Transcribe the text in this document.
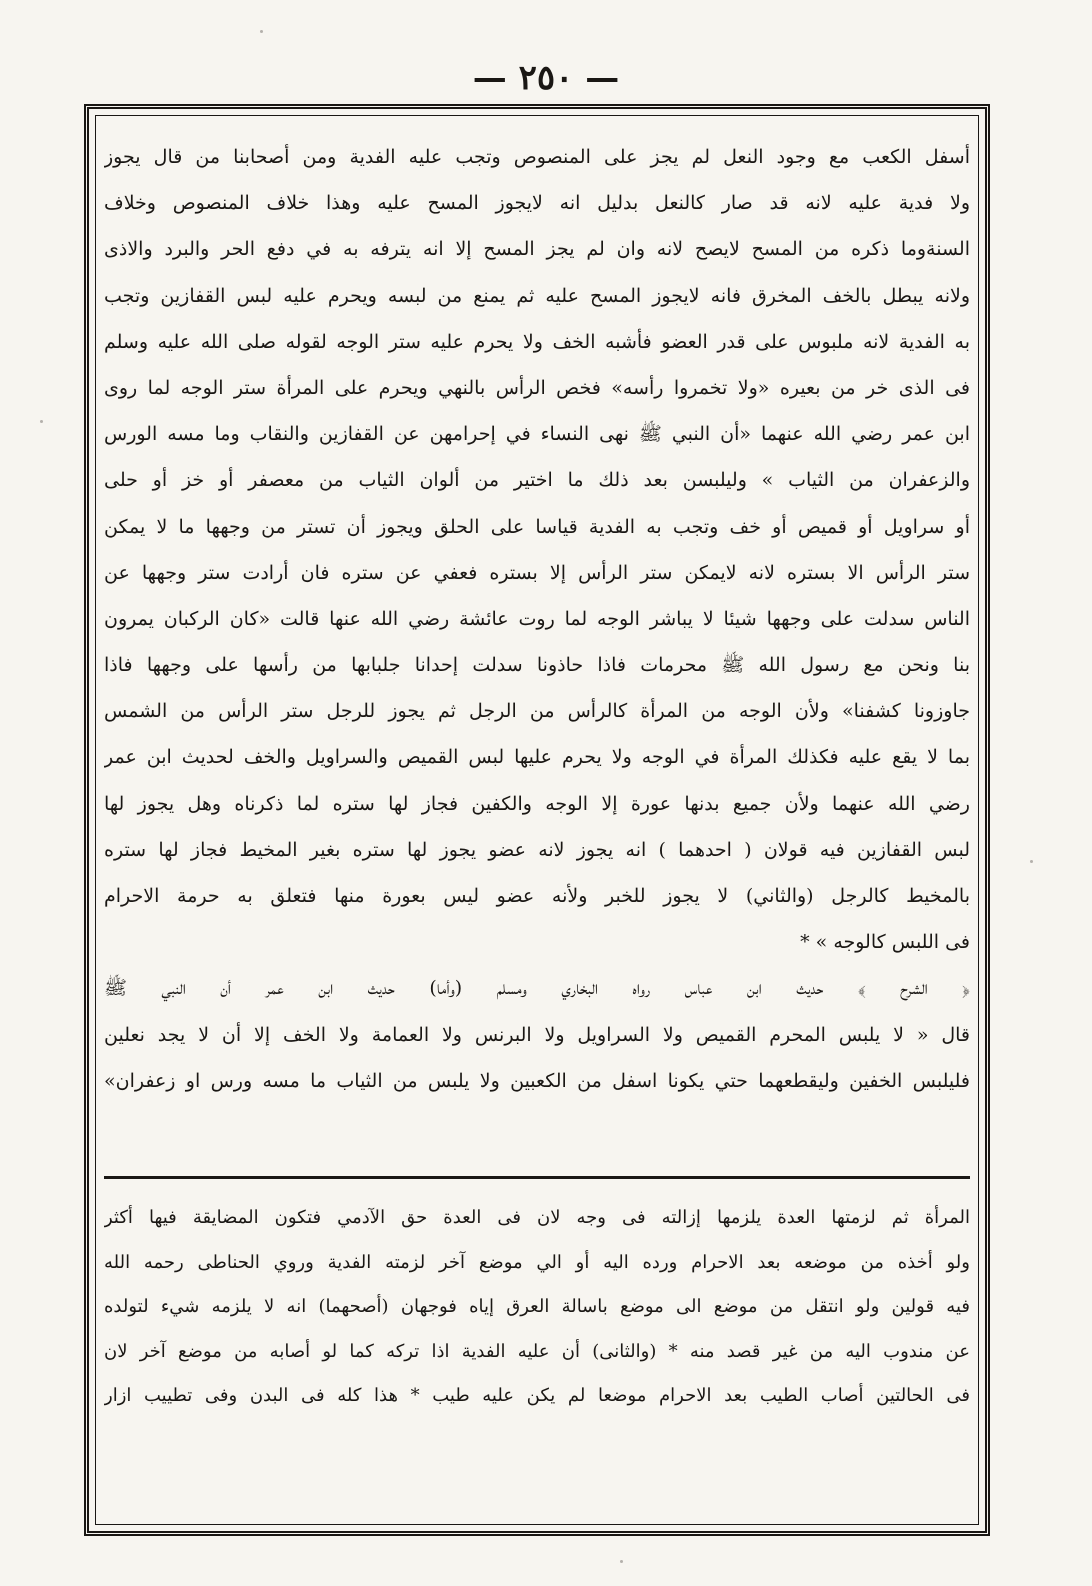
— ٢٥٠ —
أسفل الكعب مع وجود النعل لم يجز على المنصوص وتجب عليه الفدية ومن أصحابنا من قال يجوز
ولا فدية عليه لانه قد صار كالنعل بدليل انه لايجوز المسح عليه وهذا خلاف المنصوص وخلاف
السنةوما ذكره من المسح لايصح لانه وان لم يجز المسح إلا انه يترفه به في دفع الحر والبرد والاذى
ولانه يبطل بالخف المخرق فانه لايجوز المسح عليه ثم يمنع من لبسه ويحرم عليه لبس القفازين وتجب
به الفدية لانه ملبوس على قدر العضو فأشبه الخف ولا يحرم عليه ستر الوجه لقوله صلى الله عليه وسلم
فى الذى خر من بعيره «ولا تخمروا رأسه» فخص الرأس بالنهي ويحرم على المرأة ستر الوجه لما روى
ابن عمر رضي الله عنهما «أن النبي ﷺ نهى النساء في إحرامهن عن القفازين والنقاب وما مسه الورس
والزعفران من الثياب » وليلبسن بعد ذلك ما اختير من ألوان الثياب من معصفر أو خز أو حلى
أو سراويل أو قميص أو خف وتجب به الفدية قياسا على الحلق ويجوز أن تستر من وجهها ما لا يمكن
ستر الرأس الا بستره لانه لايمكن ستر الرأس إلا بستره فعفي عن ستره فان أرادت ستر وجهها عن
الناس سدلت على وجهها شيئا لا يباشر الوجه لما روت عائشة رضي الله عنها قالت «كان الركبان يمرون
بنا ونحن مع رسول الله ﷺ محرمات فاذا حاذونا سدلت إحدانا جلبابها من رأسها على وجهها فاذا
جاوزونا كشفنا» ولأن الوجه من المرأة كالرأس من الرجل ثم يجوز للرجل ستر الرأس من الشمس
بما لا يقع عليه فكذلك المرأة في الوجه ولا يحرم عليها لبس القميص والسراويل والخف لحديث ابن عمر
رضي الله عنهما ولأن جميع بدنها عورة إلا الوجه والكفين فجاز لها ستره لما ذكرناه وهل يجوز لها
لبس القفازين فيه قولان ( احدهما ) انه يجوز لانه عضو يجوز لها ستره بغير المخيط فجاز لها ستره
بالمخيط كالرجل (والثاني) لا يجوز للخبر ولأنه عضو ليس بعورة منها فتعلق به حرمة الاحرام
فى اللبس كالوجه » *
﴿ الشرح ﴾ حديث ابن عباس رواه البخاري ومسلم (وأما) حديث ابن عمر أن النبي ﷺ
قال « لا يلبس المحرم القميص ولا السراويل ولا البرنس ولا العمامة ولا الخف إلا أن لا يجد نعلين
فليلبس الخفين وليقطعهما حتي يكونا اسفل من الكعبين ولا يلبس من الثياب ما مسه ورس او زعفران»
المرأة ثم لزمتها العدة يلزمها إزالته فى وجه لان فى العدة حق الآدمي فتكون المضايقة فيها أكثر
ولو أخذه من موضعه بعد الاحرام ورده اليه أو الي موضع آخر لزمته الفدية وروي الحناطى رحمه الله
فيه قولين ولو انتقل من موضع الى موضع باسالة العرق إياه فوجهان (أصحهما) انه لا يلزمه شيء لتولده
عن مندوب اليه من غير قصد منه * (والثانى) أن عليه الفدية اذا تركه كما لو أصابه من موضع آخر لان
فى الحالتين أصاب الطيب بعد الاحرام موضعا لم يكن عليه طيب * هذا كله فى البدن وفى تطييب ازار
